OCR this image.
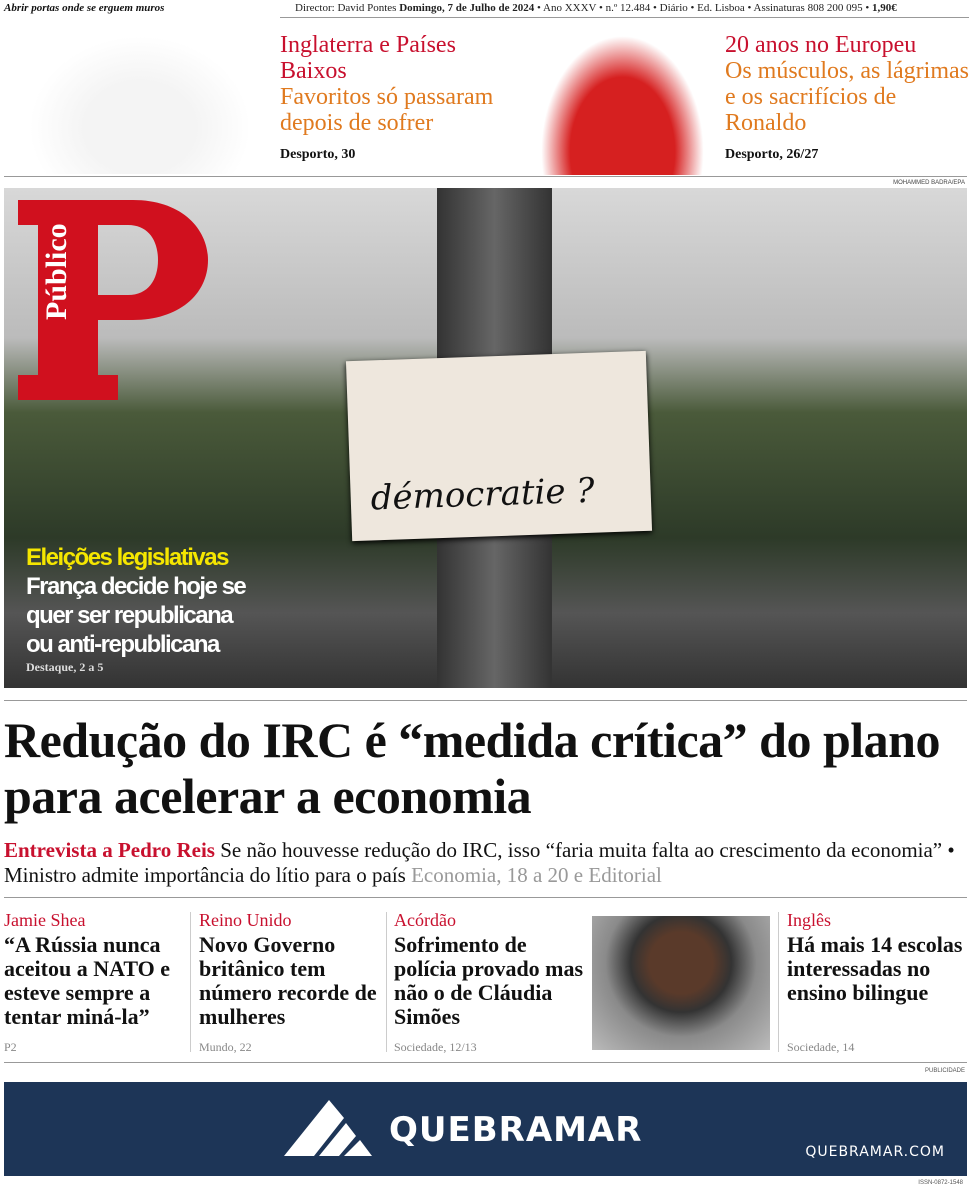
Abrir portas onde se erguem muros	Director: David Pontes Domingo, 7 de Julho de 2024 • Ano XXXV • n.º 12.484 • Diário • Ed. Lisboa • Assinaturas 808 200 095 • 1,90€
Inglaterra e Países Baixos
Favoritos só passaram depois de sofrer
Desporto, 30
20 anos no Europeu
Os músculos, as lágrimas e os sacrifícios de Ronaldo
Desporto, 26/27
MOHAMMED BADRA/EPA
démocratie ?
Público
Eleições legislativas
França decide hoje se quer ser republicana ou anti-republicana
Destaque, 2 a 5
Redução do IRC é “medida crítica” do plano para acelerar a economia
Entrevista a Pedro Reis Se não houvesse redução do IRC, isso “faria muita falta ao crescimento da economia” • Ministro admite importância do lítio para o país Economia, 18 a 20 e Editorial
Jamie Shea
“A Rússia nunca aceitou a NATO e esteve sempre a tentar miná-la”
P2
Reino Unido
Novo Governo britânico tem número recorde de mulheres
Mundo, 22
Acórdão
Sofrimento de polícia provado mas não o de Cláudia Simões
Sociedade, 12/13
Inglês
Há mais 14 escolas interessadas no ensino bilingue
Sociedade, 14
PUBLICIDADE
QUEBRAMAR
QUEBRAMAR.COM
ISSN-0872-1548
